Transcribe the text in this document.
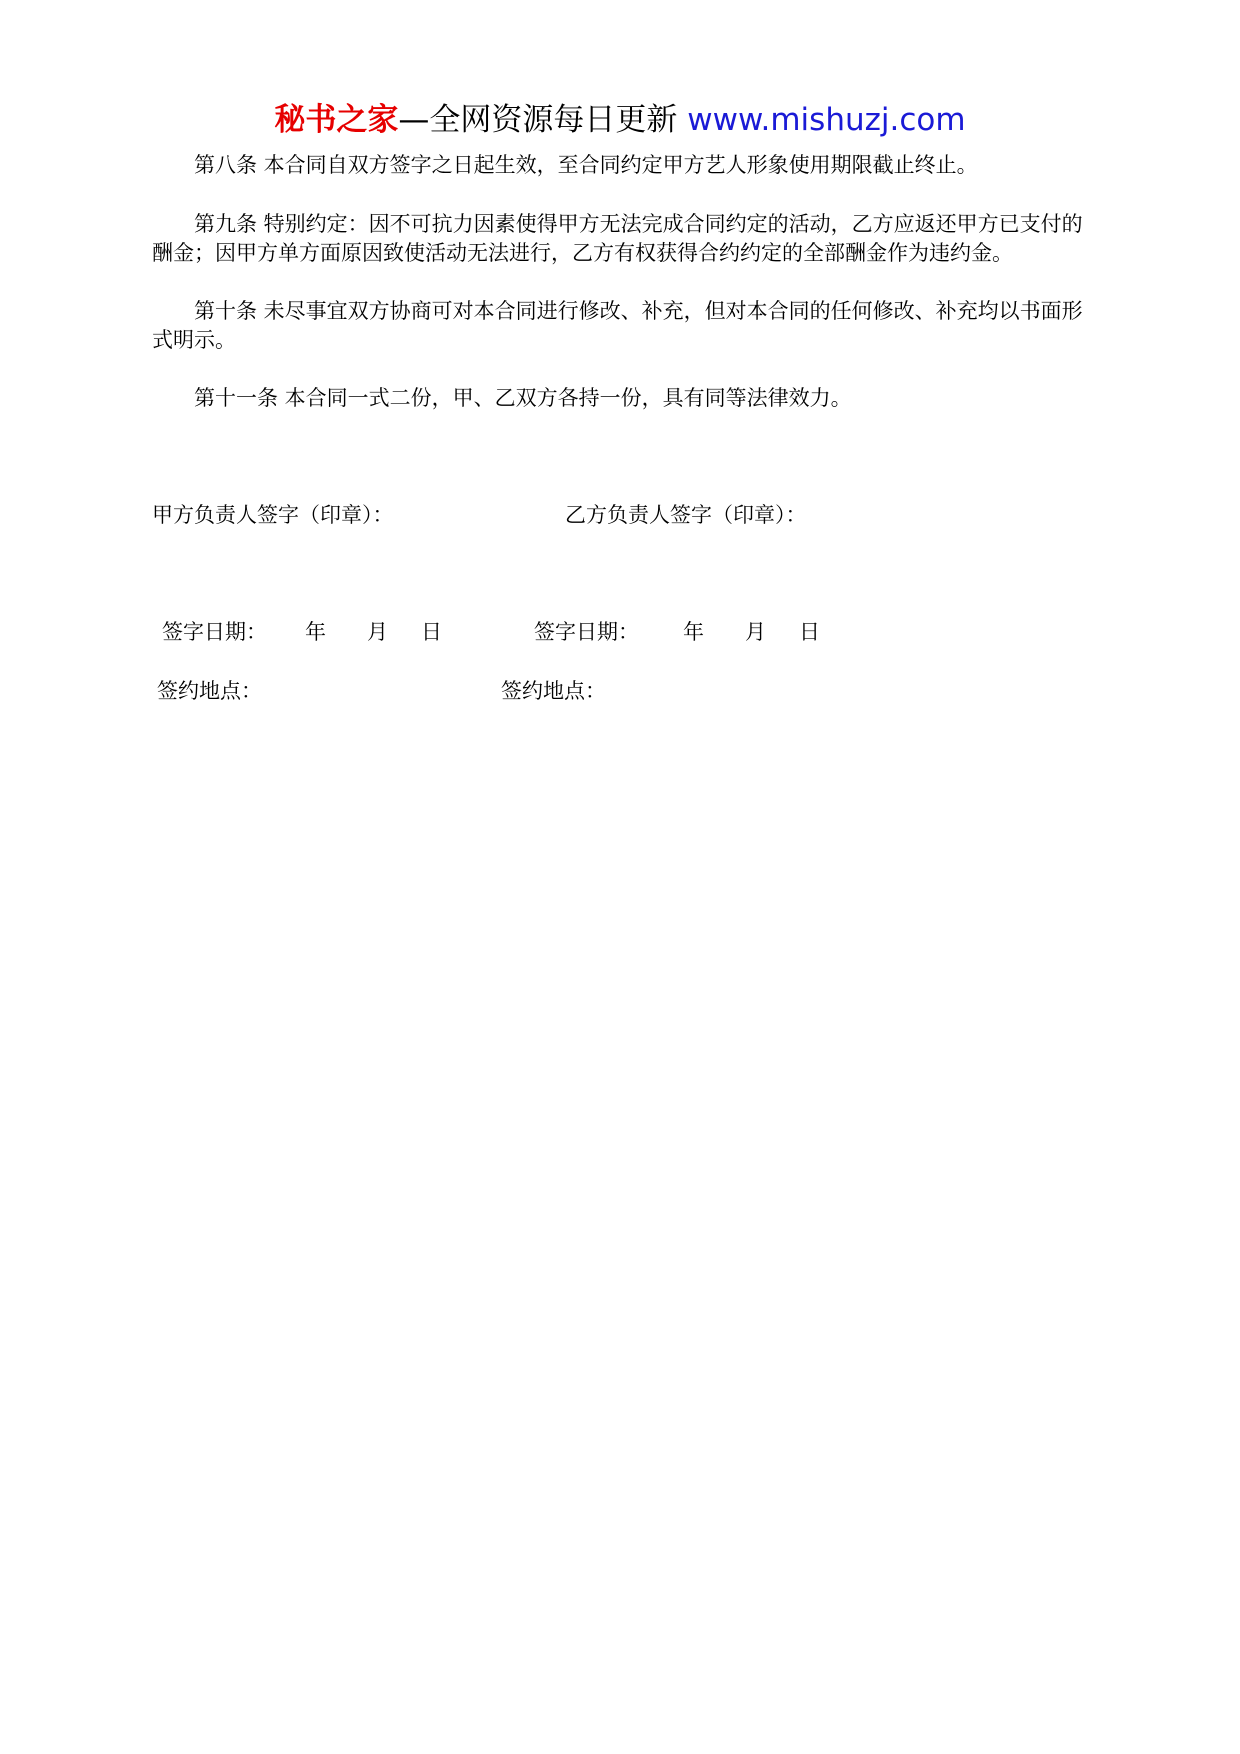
秘书之家—全网资源每日更新 www.mishuzj.com

第八条 本合同自双方签字之日起生效，至合同约定甲方艺人形象使用期限截止终止。

第九条 特别约定：因不可抗力因素使得甲方无法完成合同约定的活动，乙方应返还甲方已支付的酬金；因甲方单方面原因致使活动无法进行，乙方有权获得合约约定的全部酬金作为违约金。

第十条 未尽事宜双方协商可对本合同进行修改、补充，但对本合同的任何修改、补充均以书面形式明示。

第十一条 本合同一式二份，甲、乙双方各持一份，具有同等法律效力。

甲方负责人签字（印章）：	乙方负责人签字（印章）：
签字日期： 年 月 日	签字日期： 年 月 日
签约地点：	签约地点：
